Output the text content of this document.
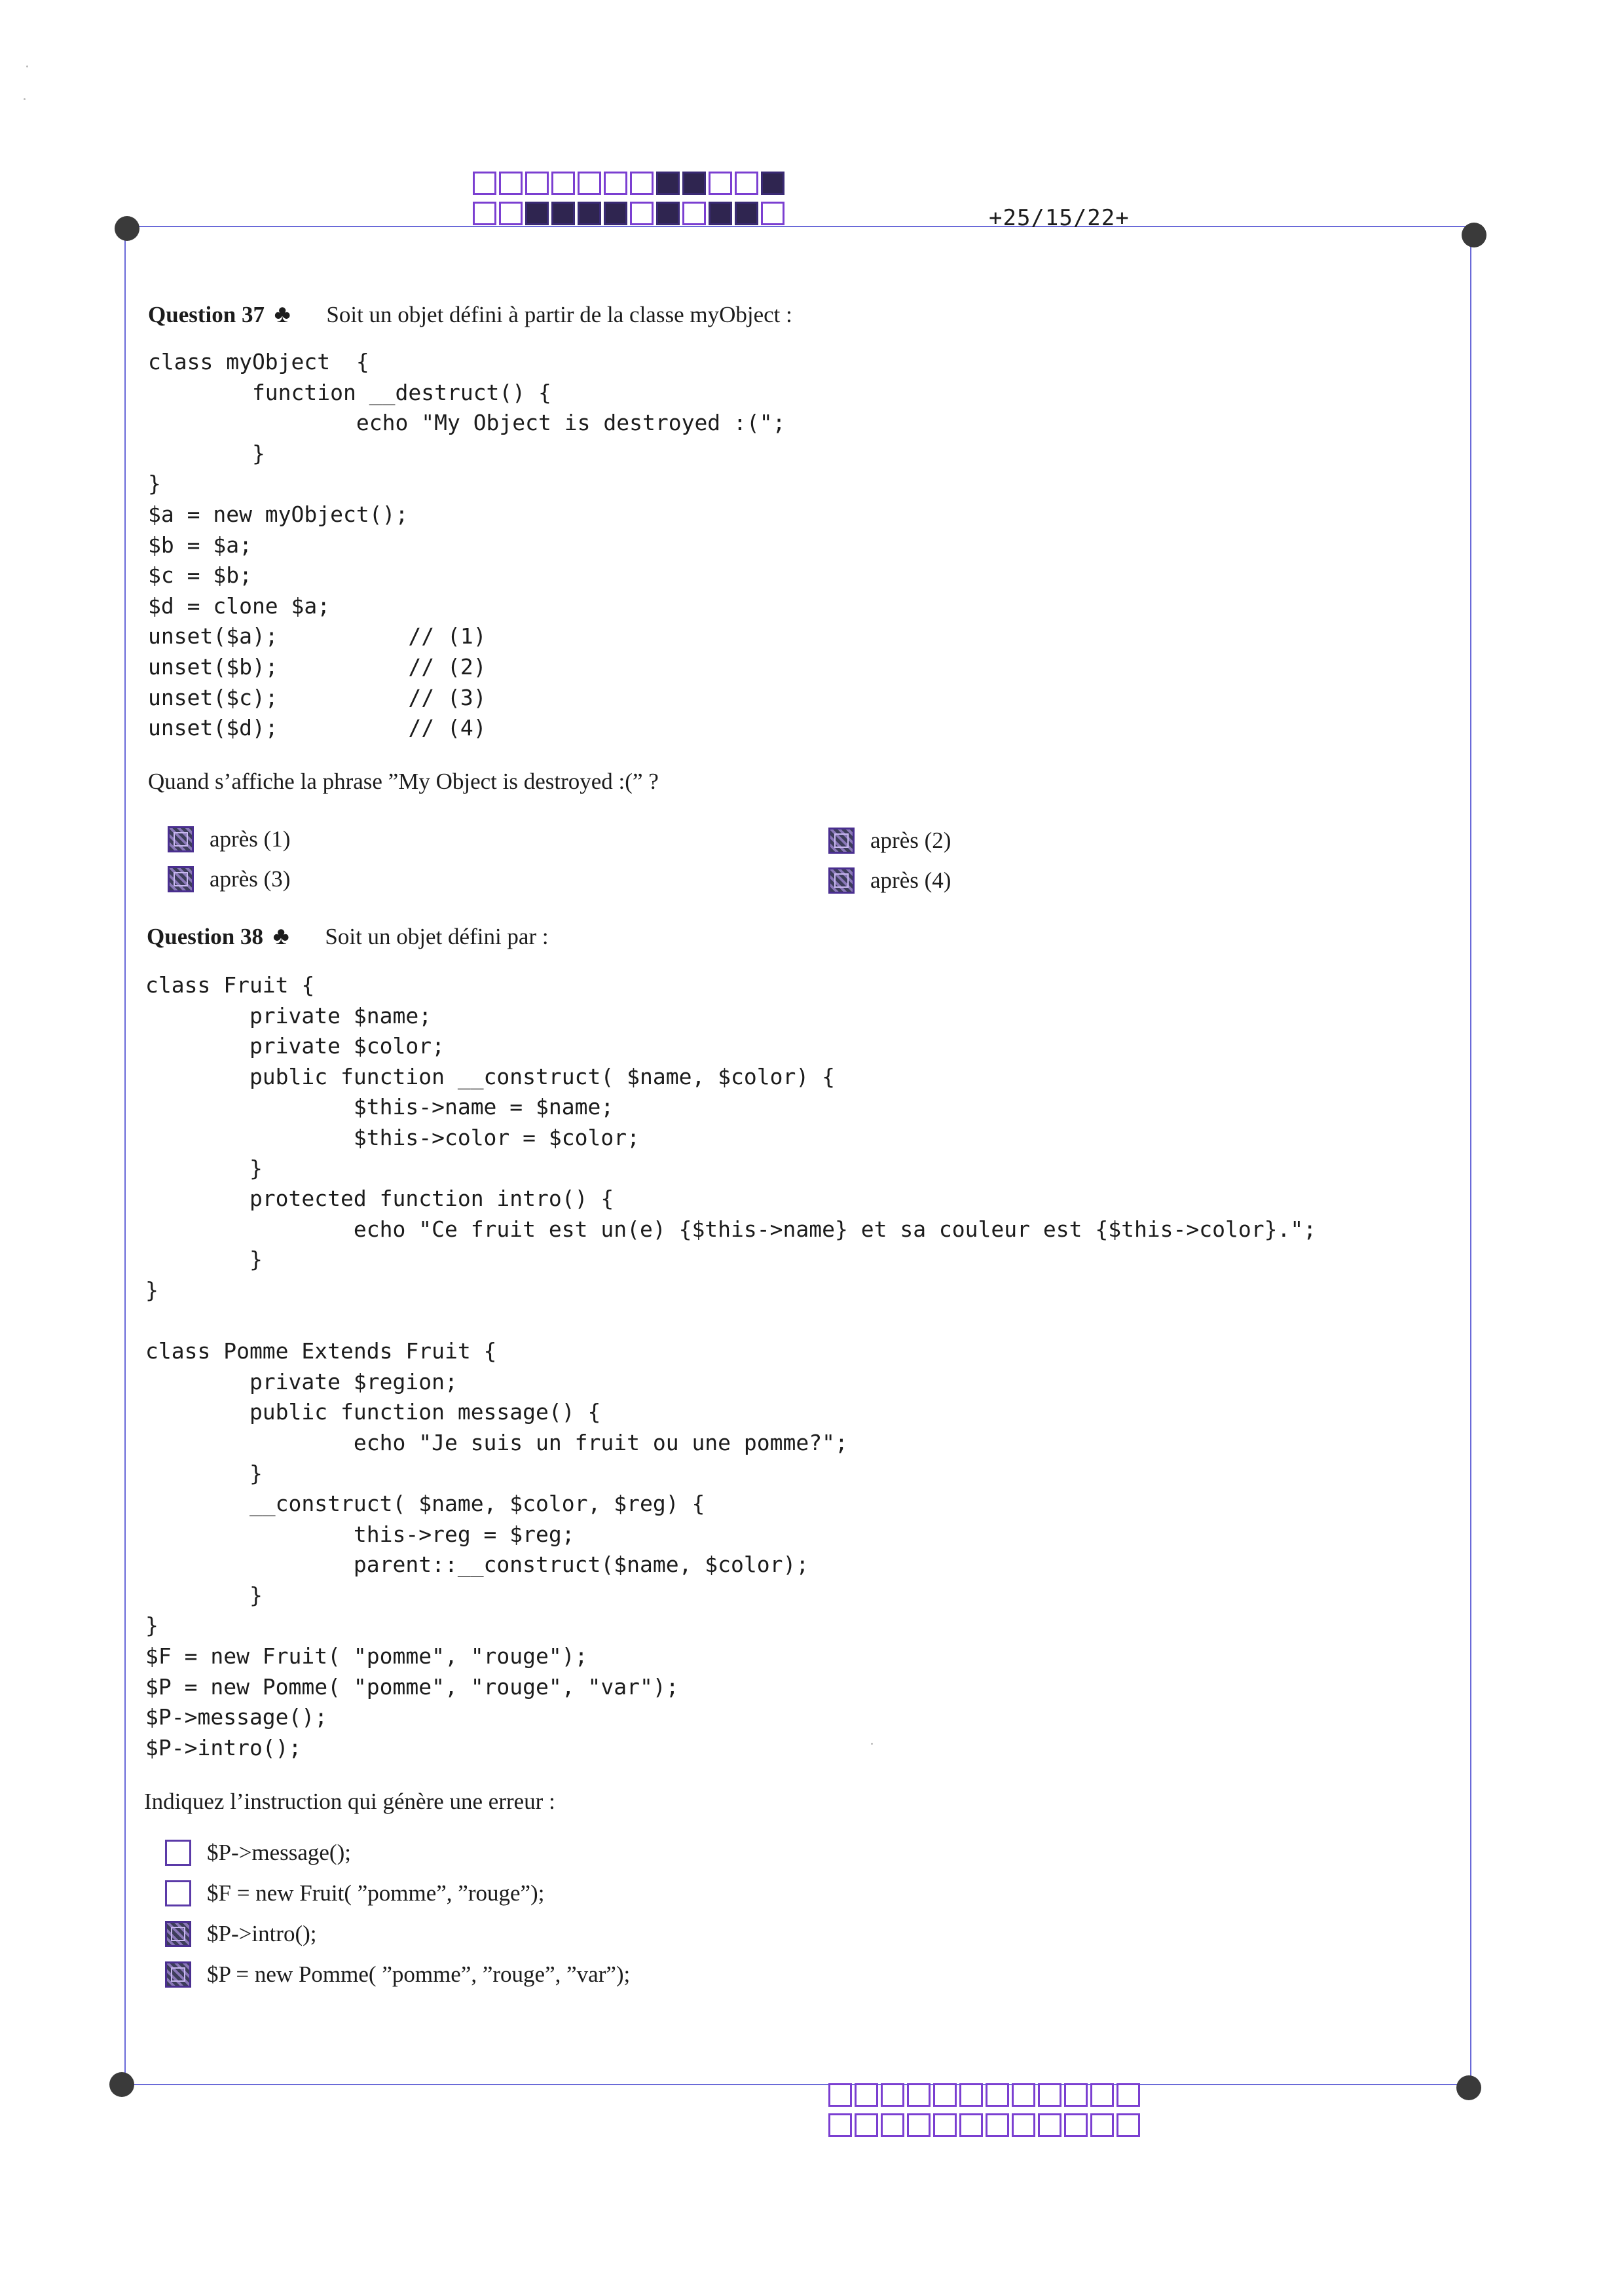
+25/15/22+
Question 37 ♣ Soit un objet défini à partir de la classe myObject :
class myObject  {
function __destruct() {
echo "My Object is destroyed :(";
}
}
$a = new myObject();
$b = $a;
$c = $b;
$d = clone $a;
unset($a);          // (1)
unset($b);          // (2)
unset($c);          // (3)
unset($d);          // (4)
Quand s’affiche la phrase ”My Object is destroyed :(” ?
après (1)	après (2)
après (3)	après (4)
Question 38 ♣ Soit un objet défini par :
class Fruit {
private $name;
private $color;
public function __construct( $name, $color) {
$this->name = $name;
$this->color = $color;
}
protected function intro() {
echo "Ce fruit est un(e) {$this->name} et sa couleur est {$this->color}.";
}
}

class Pomme Extends Fruit {
private $region;
public function message() {
echo "Je suis un fruit ou une pomme?";
}
__construct( $name, $color, $reg) {
this->reg = $reg;
parent::__construct($name, $color);
}
}
$F = new Fruit( "pomme", "rouge");
$P = new Pomme( "pomme", "rouge", "var");
$P->message();
$P->intro();
Indiquez l’instruction qui génère une erreur :
$P->message();
$F = new Fruit( ”pomme”, ”rouge”);
$P->intro();
$P = new Pomme( ”pomme”, ”rouge”, ”var”);
